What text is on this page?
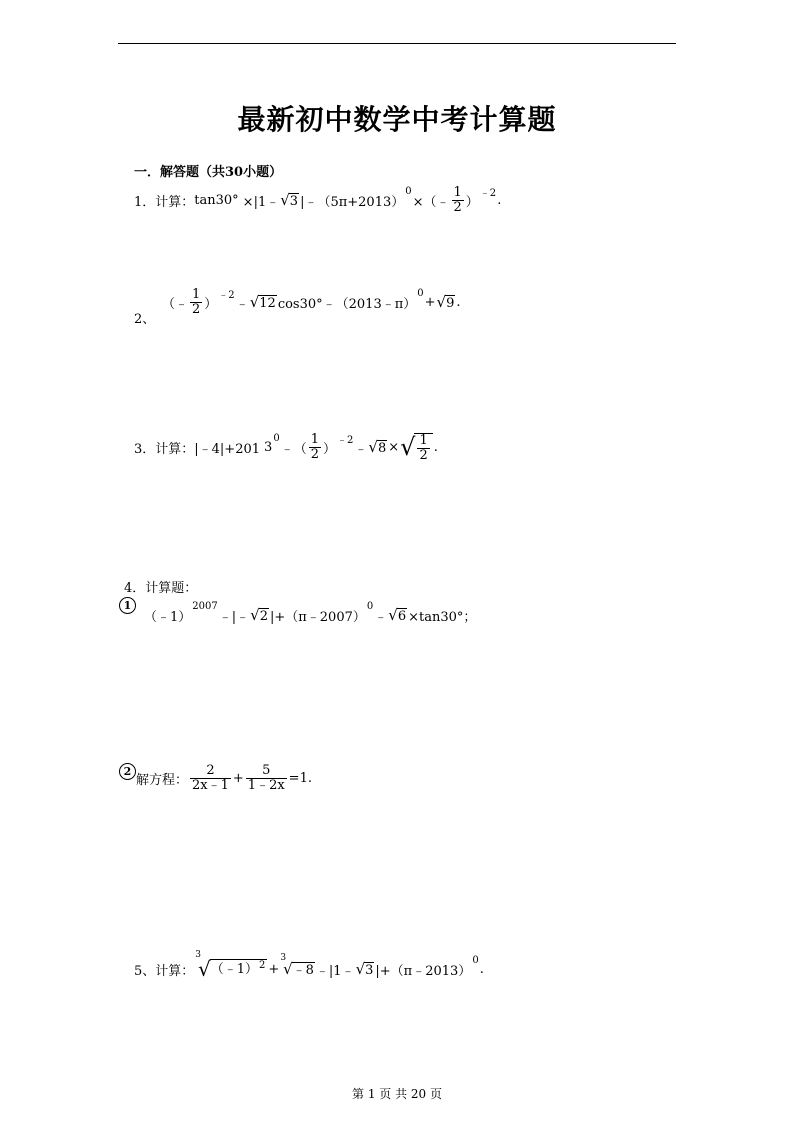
最新初中数学中考计算题
一．解答题（共30小题）
1．计算： tan30° ×|1﹣ √ 3 |﹣（5π+2013）
0
×（﹣ $\frac{1}{2}$ ）
﹣2 .
2、
（﹣ $\frac{1}{2}$ ）
﹣2
﹣ √ 12 cos30°﹣（2013﹣π）
0
+ √ 9 .
3．计算： |﹣4|+201 3
0
﹣（ $\frac{1}{2}$ ）
﹣2
﹣ √ 8 × √ $\frac{1}{2}$ .
4．计算题：
1
（﹣1）
2007
﹣|﹣ √ 2 |+（π﹣2007）
0
﹣ √ 6 ×tan30°；
2
解方程： $\frac{2}{2x﹣1} + \frac{5}{1﹣2x} =1$.
5、计算：
3
√ （﹣1）$^2$ +
3
√ ﹣8 ﹣|1﹣ √ 3 |+（π﹣2013）
0
.
第 1 页 共 20 页
